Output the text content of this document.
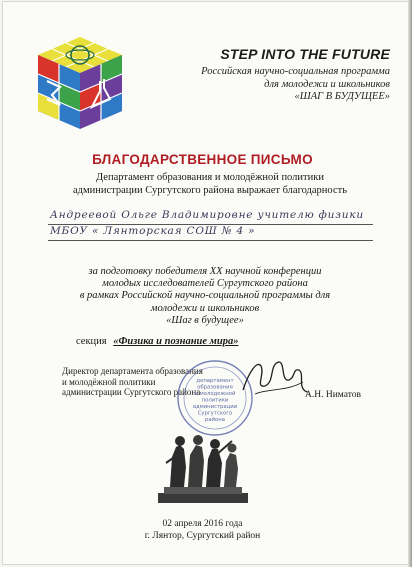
STEP INTO THE FUTURE
Российская научно-социальная программа
для молодежи и школьников
«ШАГ В БУДУЩЕЕ»
БЛАГОДАРСТВЕННОЕ ПИСЬМО
Департамент образования и молодёжной политики
администрации Сургутского района выражает благодарность
Андреевой Ольге Владимировне учителю физики
МБОУ « Лянторская СОШ № 4 »
за подготовку победителя XX научной конференции
молодых исследователей Сургутского района
в рамках Российской научно-социальной программы для
молодежи и школьников
«Шаг в будущее»
секция «Физика и познание мира»
Директор департамента образования
и молодёжной политики
администрации Сургутского района
департамент
образования
и молодежной
политики
администрации
Сургутского
района
А.Н. Ниматов
02 апреля 2016 года
г. Лянтор, Сургутский район
